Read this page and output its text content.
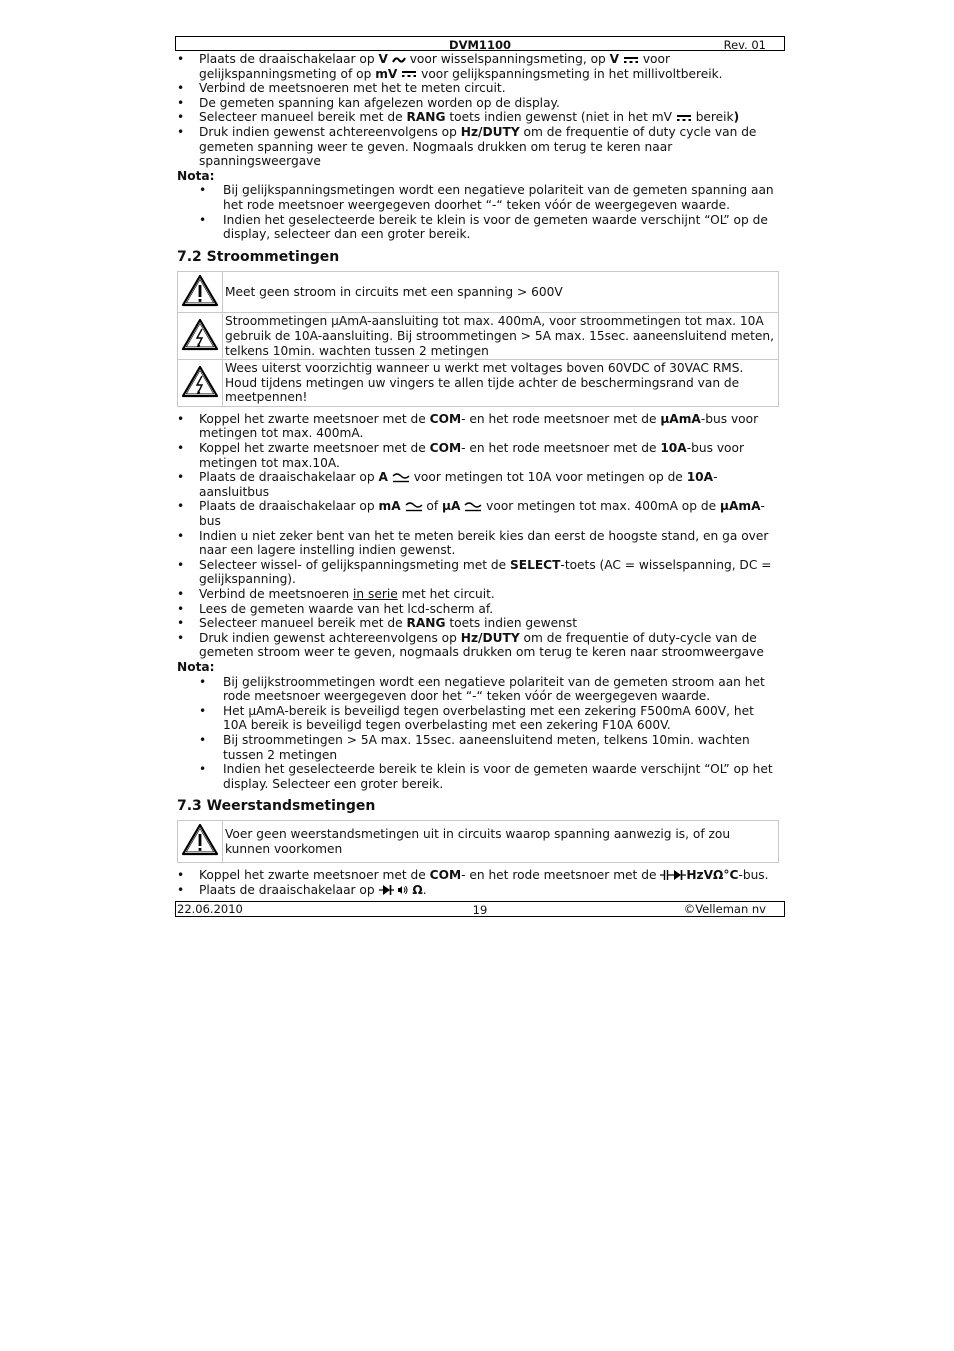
DVM1100	Rev. 01
• Plaats de draaischakelaar op V  voor wisselspanningsmeting, op V  voor gelijkspanningsmeting of op mV  voor gelijkspanningsmeting in het millivoltbereik.
• Verbind de meetsnoeren met het te meten circuit.
• De gemeten spanning kan afgelezen worden op de display.
• Selecteer manueel bereik met de RANG toets indien gewenst (niet in het mV  bereik)
• Druk indien gewenst achtereenvolgens op Hz/DUTY om de frequentie of duty cycle van de gemeten spanning weer te geven. Nogmaals drukken om terug te keren naar spanningsweergave
Nota:
• Bij gelijkspanningsmetingen wordt een negatieve polariteit van de gemeten spanning aan het rode meetsnoer weergegeven doorhet “-“ teken vóór de weergegeven waarde.
• Indien het geselecteerde bereik te klein is voor de gemeten waarde verschijnt “OL” op de display, selecteer dan een groter bereik.
7.2 Stroommetingen
	Meet geen stroom in circuits met een spanning > 600V
	Stroommetingen μAmA-aansluiting tot max. 400mA, voor stroommetingen tot max. 10A gebruik de 10A-aansluiting. Bij stroommetingen > 5A max. 15sec. aaneensluitend meten, telkens 10min. wachten tussen 2 metingen
	Wees uiterst voorzichtig wanneer u werkt met voltages boven 60VDC of 30VAC RMS. Houd tijdens metingen uw vingers te allen tijde achter de beschermingsrand van de meetpennen!
• Koppel het zwarte meetsnoer met de COM- en het rode meetsnoer met de μAmA-bus voor metingen tot max. 400mA.
• Koppel het zwarte meetsnoer met de COM- en het rode meetsnoer met de 10A-bus voor metingen tot max.10A.
• Plaats de draaischakelaar op A  voor metingen tot 10A voor metingen op de 10A-aansluitbus
• Plaats de draaischakelaar op mA  of μA  voor metingen tot max. 400mA op de μAmA-bus
• Indien u niet zeker bent van het te meten bereik kies dan eerst de hoogste stand, en ga over naar een lagere instelling indien gewenst.
• Selecteer wissel- of gelijkspanningsmeting met de SELECT-toets (AC = wisselspanning, DC = gelijkspanning).
• Verbind de meetsnoeren in serie met het circuit.
• Lees de gemeten waarde van het lcd-scherm af.
• Selecteer manueel bereik met de RANG toets indien gewenst
• Druk indien gewenst achtereenvolgens op Hz/DUTY om de frequentie of duty-cycle van de gemeten stroom weer te geven, nogmaals drukken om terug te keren naar stroomweergave
Nota:
• Bij gelijkstroommetingen wordt een negatieve polariteit van de gemeten stroom aan het rode meetsnoer weergegeven door het “-“ teken vóór de weergegeven waarde.
• Het μAmA-bereik is beveiligd tegen overbelasting met een zekering F500mA 600V, het 10A bereik is beveiligd tegen overbelasting met een zekering F10A 600V.
• Bij stroommetingen > 5A max. 15sec. aaneensluitend meten, telkens 10min. wachten tussen 2 metingen
• Indien het geselecteerde bereik te klein is voor de gemeten waarde verschijnt “OL” op het display. Selecteer een groter bereik.
7.3 Weerstandsmetingen
	Voer geen weerstandsmetingen uit in circuits waarop spanning aanwezig is, of zou kunnen voorkomen
• Koppel het zwarte meetsnoer met de COM- en het rode meetsnoer met de HzVΩ°C-bus.
• Plaats de draaischakelaar op	Ω.
22.06.2010	19	©Velleman nv
